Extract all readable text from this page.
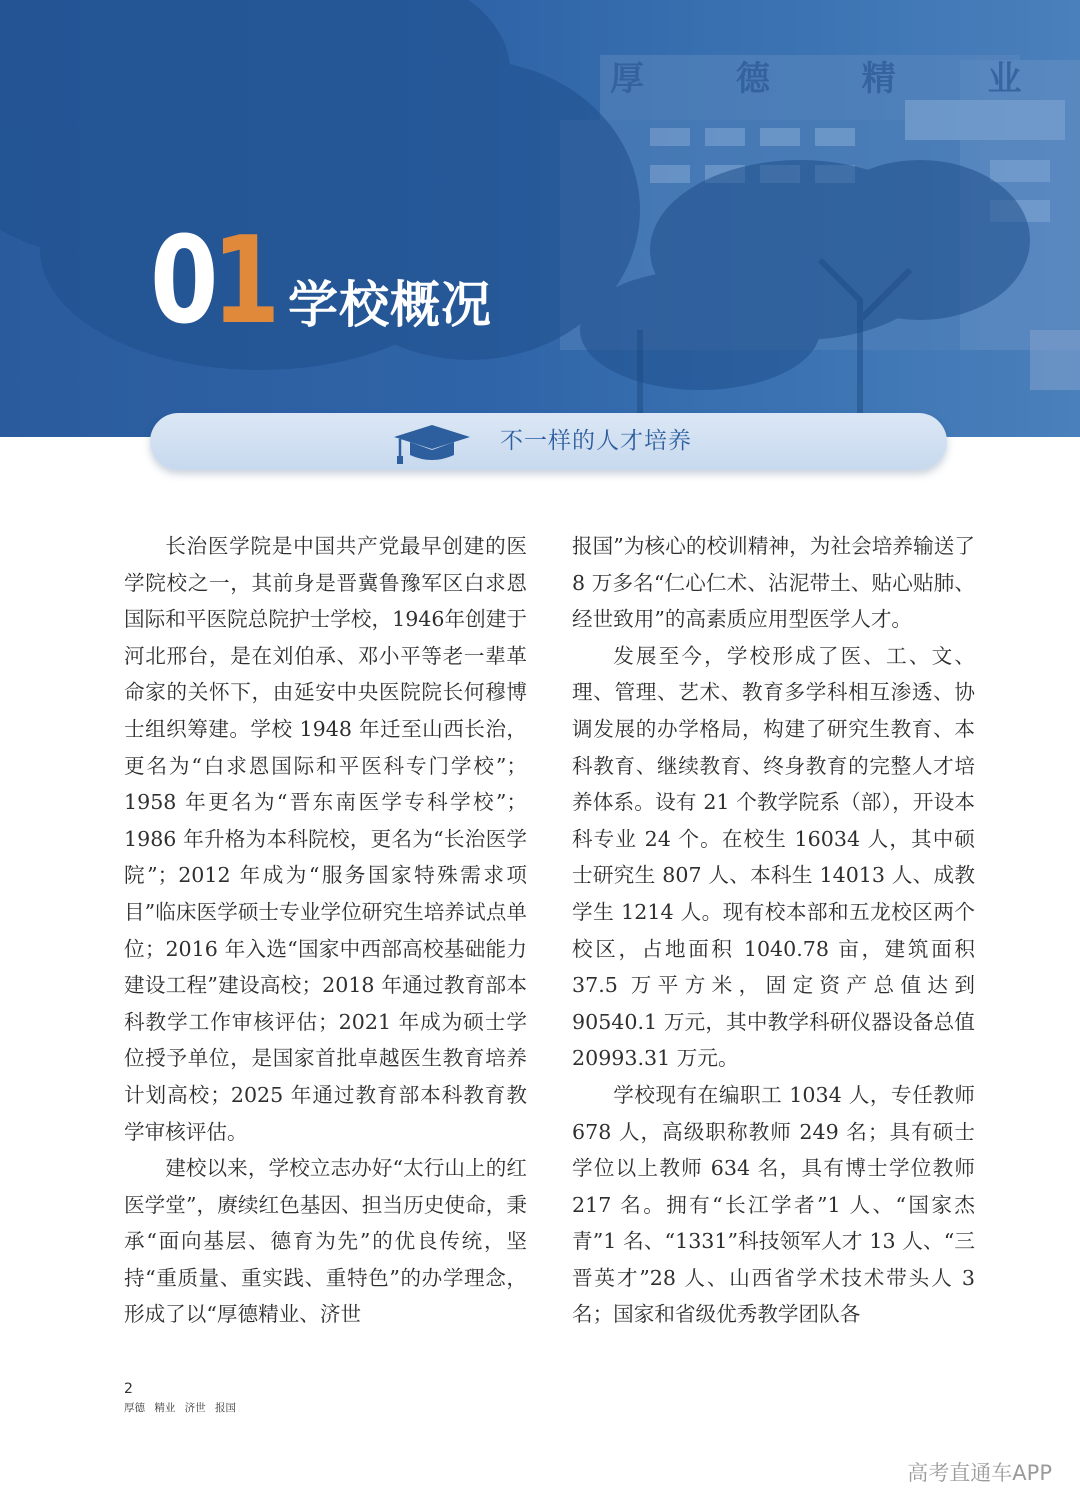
厚 德 精 业
01 学校概况
不一样的人才培养

长治医学院是中国共产党最早创建的医学院校之一，其前身是晋冀鲁豫军区白求恩国际和平医院总院护士学校，1946年创建于河北邢台，是在刘伯承、邓小平等老一辈革命家的关怀下，由延安中央医院院长何穆博士组织筹建。学校 1948 年迁至山西长治，更名为“白求恩国际和平医科专门学校”；1958 年更名为“晋东南医学专科学校”；1986 年升格为本科院校，更名为“长治医学院”；2012 年成为“服务国家特殊需求项目”临床医学硕士专业学位研究生培养试点单位；2016 年入选“国家中西部高校基础能力建设工程”建设高校；2018 年通过教育部本科教学工作审核评估；2021 年成为硕士学位授予单位，是国家首批卓越医生教育培养计划高校；2025 年通过教育部本科教育教学审核评估。

建校以来，学校立志办好“太行山上的红医学堂”，赓续红色基因、担当历史使命，秉承“面向基层、德育为先”的优良传统，坚持“重质量、重实践、重特色”的办学理念，形成了以“厚德精业、济世

报国”为核心的校训精神，为社会培养输送了 8 万多名“仁心仁术、沾泥带土、贴心贴肺、经世致用”的高素质应用型医学人才。

发展至今，学校形成了医、工、文、理、管理、艺术、教育多学科相互渗透、协调发展的办学格局，构建了研究生教育、本科教育、继续教育、终身教育的完整人才培养体系。设有 21 个教学院系（部），开设本科专业 24 个。在校生 16034 人，其中硕士研究生 807 人、本科生 14013 人、成教学生 1214 人。现有校本部和五龙校区两个校区，占地面积 1040.78 亩，建筑面积 37.5 万平方米，固定资产总值达到 90540.1 万元，其中教学科研仪器设备总值 20993.31 万元。

学校现有在编职工 1034 人，专任教师 678 人，高级职称教师 249 名；具有硕士学位以上教师 634 名，具有博士学位教师 217 名。拥有“长江学者”1 人、“国家杰青”1 名、“1331”科技领军人才 13 人、“三晋英才”28 人、山西省学术技术带头人 3 名；国家和省级优秀教学团队各

2
厚德 精业 济世 报国
高考直通车APP
